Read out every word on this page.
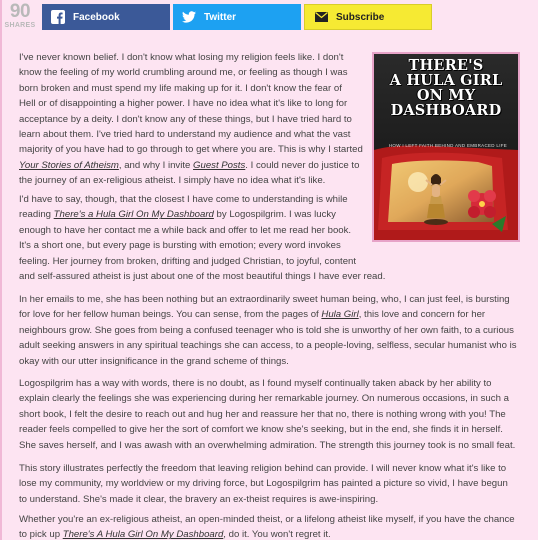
90
SHARES
Facebook	Twitter	Subscribe
THERE'S
A HULA GIRL
ON MY
DASHBOARD
HOW I LEFT FAITH BEHIND AND EMBRACED LIFE
I've never known belief. I don't know what losing my religion feels like. I don't
know the feeling of my world crumbling around me, or feeling as though I was
born broken and must spend my life making up for it. I don't know the fear of
Hell or of disappointing a higher power. I have no idea what it's like to long for
acceptance by a deity. I don't know any of these things, but I have tried hard to
learn about them. I've tried hard to understand my audience and what the vast
majority of you have had to go through to get where you are. This is why I started
Your Stories of Atheism, and why I invite Guest Posts. I could never do justice to
the journey of an ex-religious atheist. I simply have no idea what it's like.
I'd have to say, though, that the closest I have come to understanding is while
reading There's a Hula Girl On My Dashboard by Logospilgrim. I was lucky
enough to have her contact me a while back and offer to let me read her book.
It's a short one, but every page is bursting with emotion; every word invokes
feeling. Her journey from broken, drifting and judged Christian, to joyful, content
and self-assured atheist is just about one of the most beautiful things I have ever read.
In her emails to me, she has been nothing but an extraordinarily sweet human being, who, I can just feel, is bursting
for love for her fellow human beings. You can sense, from the pages of Hula Girl, this love and concern for her
neighbours grow. She goes from being a confused teenager who is told she is unworthy of her own faith, to a curious
adult seeking answers in any spiritual teachings she can access, to a people-loving, selfless, secular humanist who is
okay with our utter insignificance in the grand scheme of things.
Logospilgrim has a way with words, there is no doubt, as I found myself continually taken aback by her ability to
explain clearly the feelings she was experiencing during her remarkable journey. On numerous occasions, in such a
short book, I felt the desire to reach out and hug her and reassure her that no, there is nothing wrong with you! The
reader feels compelled to give her the sort of comfort we know she's seeking, but in the end, she finds it in herself.
She saves herself, and I was awash with an overwhelming admiration. The strength this journey took is no small feat.
This story illustrates perfectly the freedom that leaving religion behind can provide. I will never know what it's like to
lose my community, my worldview or my driving force, but Logospilgrim has painted a picture so vivid, I have begun
to understand. She's made it clear, the bravery an ex-theist requires is awe-inspiring.
Whether you're an ex-religious atheist, an open-minded theist, or a lifelong atheist like myself, if you have the chance
to pick up There's A Hula Girl On My Dashboard, do it. You won't regret it.
